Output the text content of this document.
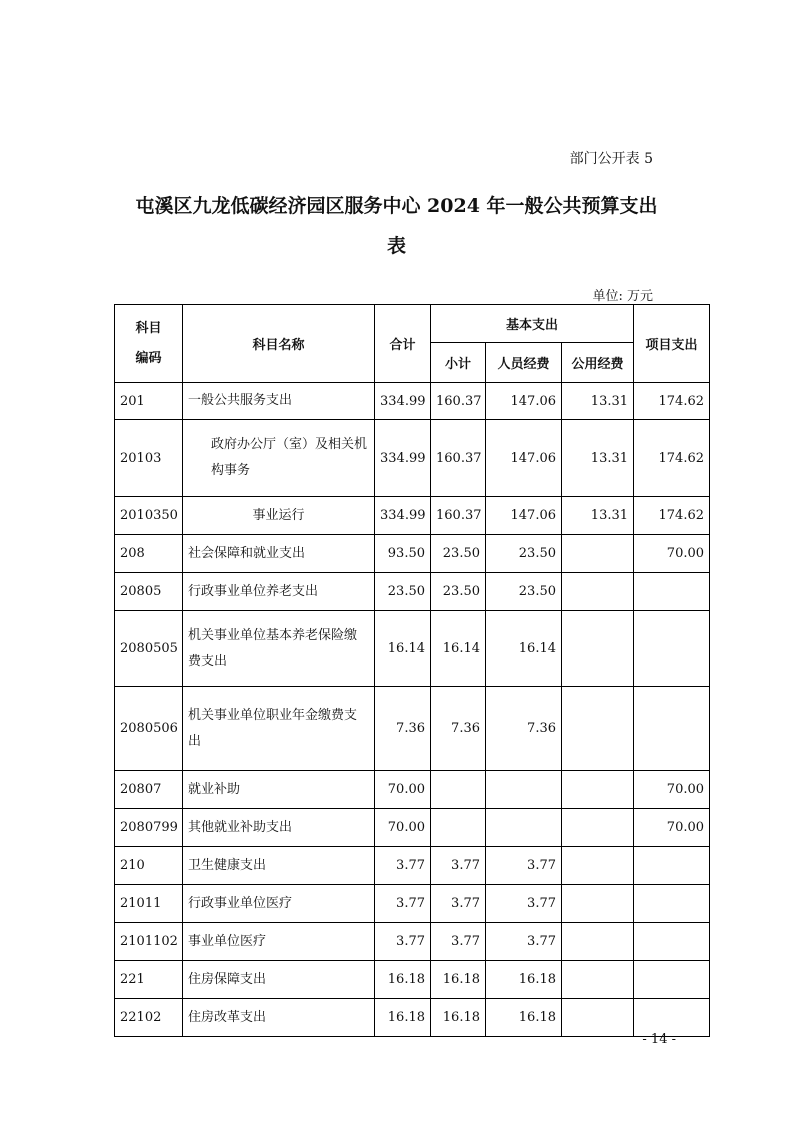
部门公开表 5
屯溪区九龙低碳经济园区服务中心 2024 年一般公共预算支出
表
单位: 万元
科目
编码	科目名称	合计	基本支出			项目支出
			小计	人员经费	公用经费	
201	一般公共服务支出	334.99	160.37	147.06	13.31	174.62
20103	政府办公厅（室）及相关机构事务	334.99	160.37	147.06	13.31	174.62
2010350	事业运行	334.99	160.37	147.06	13.31	174.62
208	社会保障和就业支出	93.50	23.50	23.50		70.00
20805	行政事业单位养老支出	23.50	23.50	23.50		
2080505	机关事业单位基本养老保险缴费支出	16.14	16.14	16.14		
2080506	机关事业单位职业年金缴费支出	7.36	7.36	7.36		
20807	就业补助	70.00				70.00
2080799	其他就业补助支出	70.00				70.00
210	卫生健康支出	3.77	3.77	3.77		
21011	行政事业单位医疗	3.77	3.77	3.77		
2101102	事业单位医疗	3.77	3.77	3.77		
221	住房保障支出	16.18	16.18	16.18		
22102	住房改革支出	16.18	16.18	16.18		
- 14 -
